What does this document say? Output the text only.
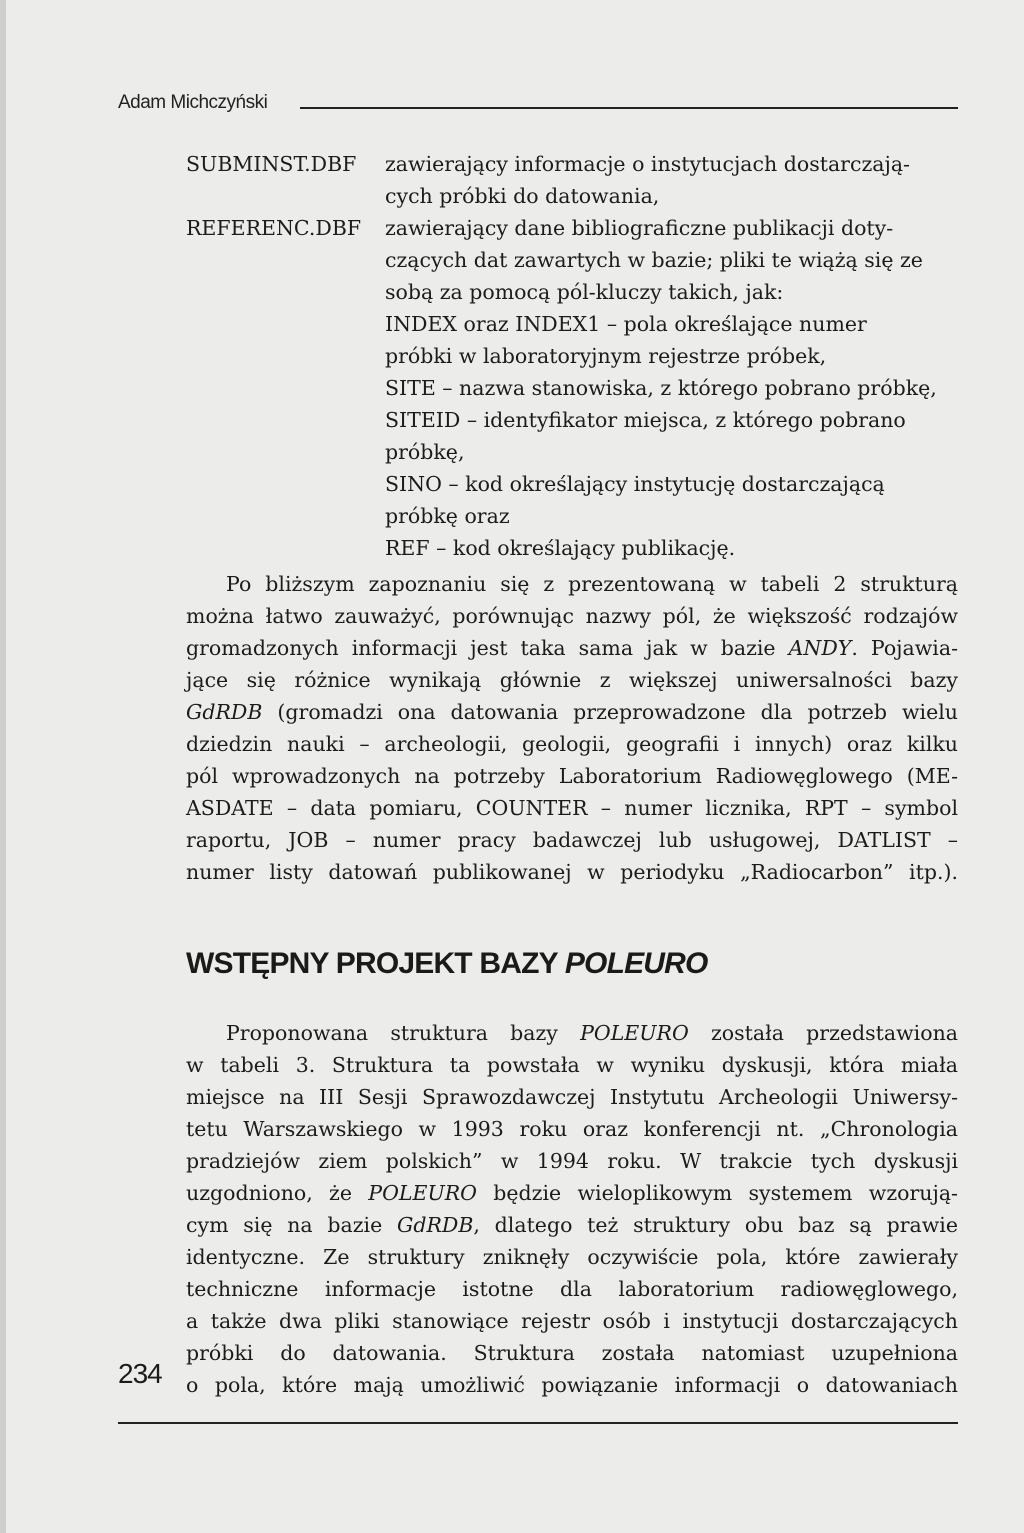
Adam Michczyński
SUBMINST.DBF	zawierający informacje o instytucjach dostarczają-
cych próbki do datowania,
REFERENC.DBF	zawierający dane bibliograficzne publikacji doty-
czących dat zawartych w bazie; pliki te wiążą się ze
sobą za pomocą pól-kluczy takich, jak:
INDEX oraz INDEX1 – pola określające numer
próbki w laboratoryjnym rejestrze próbek,
SITE – nazwa stanowiska, z którego pobrano próbkę,
SITEID – identyfikator miejsca, z którego pobrano
próbkę,
SINO – kod określający instytucję dostarczającą
próbkę oraz
REF – kod określający publikację.
Po bliższym zapoznaniu się z prezentowaną w tabeli 2 strukturą
można łatwo zauważyć, porównując nazwy pól, że większość rodzajów
gromadzonych informacji jest taka sama jak w bazie ANDY. Pojawia-
jące się różnice wynikają głównie z większej uniwersalności bazy
GdRDB (gromadzi ona datowania przeprowadzone dla potrzeb wielu
dziedzin nauki – archeologii, geologii, geografii i innych) oraz kilku
pól wprowadzonych na potrzeby Laboratorium Radiowęglowego (ME-
ASDATE – data pomiaru, COUNTER – numer licznika, RPT – symbol
raportu, JOB – numer pracy badawczej lub usługowej, DATLIST –
numer listy datowań publikowanej w periodyku „Radiocarbon” itp.).
WSTĘPNY PROJEKT BAZY POLEURO
Proponowana struktura bazy POLEURO została przedstawiona
w tabeli 3. Struktura ta powstała w wyniku dyskusji, która miała
miejsce na III Sesji Sprawozdawczej Instytutu Archeologii Uniwersy-
tetu Warszawskiego w 1993 roku oraz konferencji nt. „Chronologia
pradziejów ziem polskich” w 1994 roku. W trakcie tych dyskusji
uzgodniono, że POLEURO będzie wieloplikowym systemem wzorują-
cym się na bazie GdRDB, dlatego też struktury obu baz są prawie
identyczne. Ze struktury zniknęły oczywiście pola, które zawierały
techniczne informacje istotne dla laboratorium radiowęglowego,
a także dwa pliki stanowiące rejestr osób i instytucji dostarczających
próbki do datowania. Struktura została natomiast uzupełniona
o pola, które mają umożliwić powiązanie informacji o datowaniach
234
